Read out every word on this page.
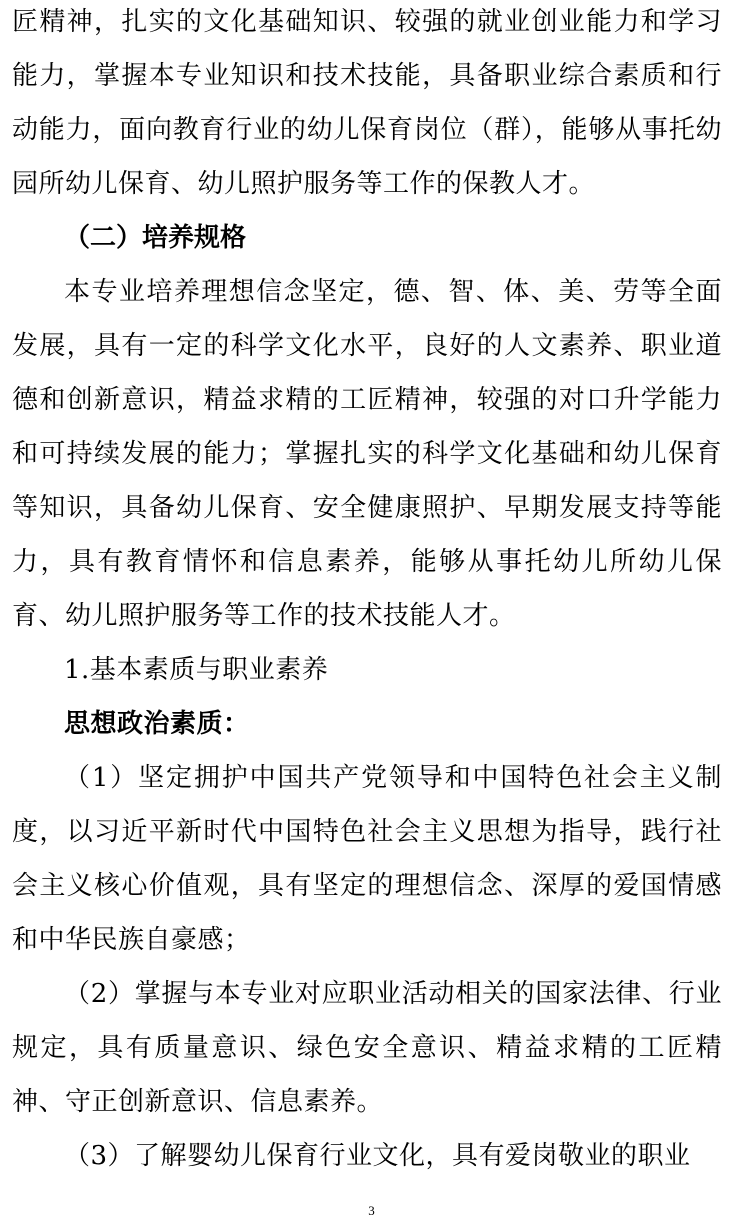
匠精神，扎实的文化基础知识、较强的就业创业能力和学习能力，掌握本专业知识和技术技能，具备职业综合素质和行动能力，面向教育行业的幼儿保育岗位（群），能够从事托幼园所幼儿保育、幼儿照护服务等工作的保教人才。

（二）培养规格

本专业培养理想信念坚定，德、智、体、美、劳等全面发展，具有一定的科学文化水平，良好的人文素养、职业道德和创新意识，精益求精的工匠精神，较强的对口升学能力和可持续发展的能力；掌握扎实的科学文化基础和幼儿保育等知识，具备幼儿保育、安全健康照护、早期发展支持等能力，具有教育情怀和信息素养，能够从事托幼儿所幼儿保育、幼儿照护服务等工作的技术技能人才。

1.基本素质与职业素养

思想政治素质：

（1）坚定拥护中国共产党领导和中国特色社会主义制度，以习近平新时代中国特色社会主义思想为指导，践行社会主义核心价值观，具有坚定的理想信念、深厚的爱国情感和中华民族自豪感；

（2）掌握与本专业对应职业活动相关的国家法律、行业规定，具有质量意识、绿色安全意识、精益求精的工匠精神、守正创新意识、信息素养。

（3）了解婴幼儿保育行业文化，具有爱岗敬业的职业

3
